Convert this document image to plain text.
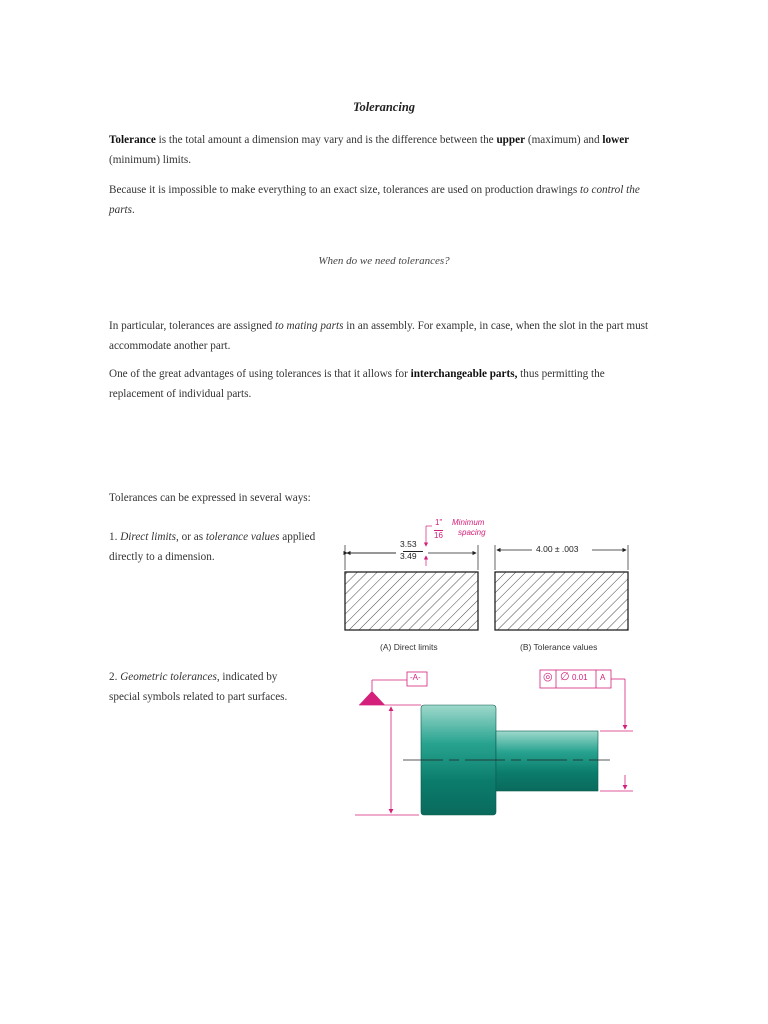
Tolerancing
Tolerance is the total amount a dimension may vary and is the difference between the upper (maximum) and lower (minimum) limits.
Because it is impossible to make everything to an exact size, tolerances are used on production drawings to control the parts.
When do we need tolerances?
In particular, tolerances are assigned to mating parts in an assembly. For example, in case, when the slot in the part must accommodate another part.
One of the great advantages of using tolerances is that it allows for interchangeable parts, thus permitting the replacement of individual parts.
Tolerances can be expressed in several ways:
1. Direct limits, or as tolerance values applied directly to a dimension.
2. Geometric tolerances, indicated by special symbols related to part surfaces.
3.53
3.49
1"
16
Minimum
spacing
4.00 ± .003
(A) Direct limits	(B) Tolerance values
-A-	◎ ∅ 0.01 A
